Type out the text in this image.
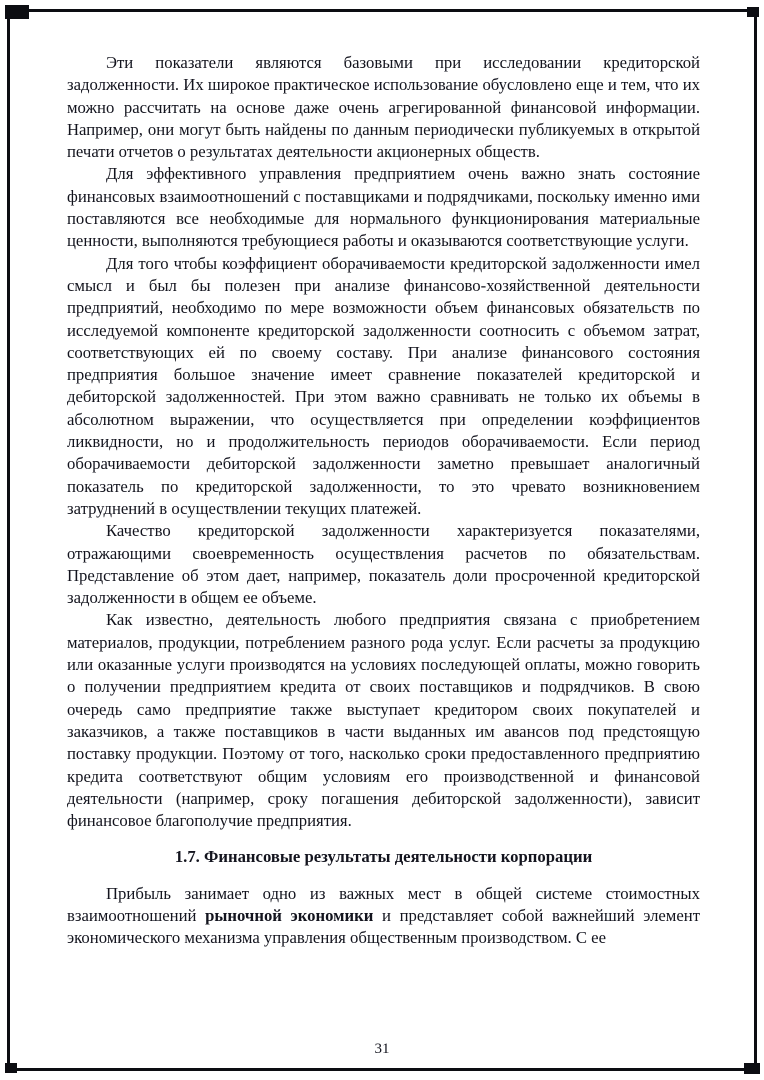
Эти показатели являются базовыми при исследовании кредиторской задолженности. Их широкое практическое использование обусловлено еще и тем, что их можно рассчитать на основе даже очень агрегированной финансовой информации. Например, они могут быть найдены по данным периодически публикуемых в открытой печати отчетов о результатах деятельности акционерных обществ.

Для эффективного управления предприятием очень важно знать состояние финансовых взаимоотношений с поставщиками и подрядчиками, поскольку именно ими поставляются все необходимые для нормального функционирования материальные ценности, выполняются требующиеся работы и оказываются соответствующие услуги.

Для того чтобы коэффициент оборачиваемости кредиторской задолженности имел смысл и был бы полезен при анализе финансово-хозяйственной деятельности предприятий, необходимо по мере возможности объем финансовых обязательств по исследуемой компоненте кредиторской задолженности соотносить с объемом затрат, соответствующих ей по своему составу. При анализе финансового состояния предприятия большое значение имеет сравнение показателей кредиторской и дебиторской задолженностей. При этом важно сравнивать не только их объемы в абсолютном выражении, что осуществляется при определении коэффициентов ликвидности, но и продолжительность периодов оборачиваемости. Если период оборачиваемости дебиторской задолженности заметно превышает аналогичный показатель по кредиторской задолженности, то это чревато возникновением затруднений в осуществлении текущих платежей.

Качество кредиторской задолженности характеризуется показателями, отражающими своевременность осуществления расчетов по обязательствам. Представление об этом дает, например, показатель доли просроченной кредиторской задолженности в общем ее объеме.

Как известно, деятельность любого предприятия связана с приобретением материалов, продукции, потреблением разного рода услуг. Если расчеты за продукцию или оказанные услуги производятся на условиях последующей оплаты, можно говорить о получении предприятием кредита от своих поставщиков и подрядчиков. В свою очередь само предприятие также выступает кредитором своих покупателей и заказчиков, а также поставщиков в части выданных им авансов под предстоящую поставку продукции. Поэтому от того, насколько сроки предоставленного предприятию кредита соответствуют общим условиям его производственной и финансовой деятельности (например, сроку погашения дебиторской задолженности), зависит финансовое благополучие предприятия.

1.7. Финансовые результаты деятельности корпорации

Прибыль занимает одно из важных мест в общей системе стоимостных взаимоотношений рыночной экономики и представляет собой важнейший элемент экономического механизма управления общественным производством. С ее

31
